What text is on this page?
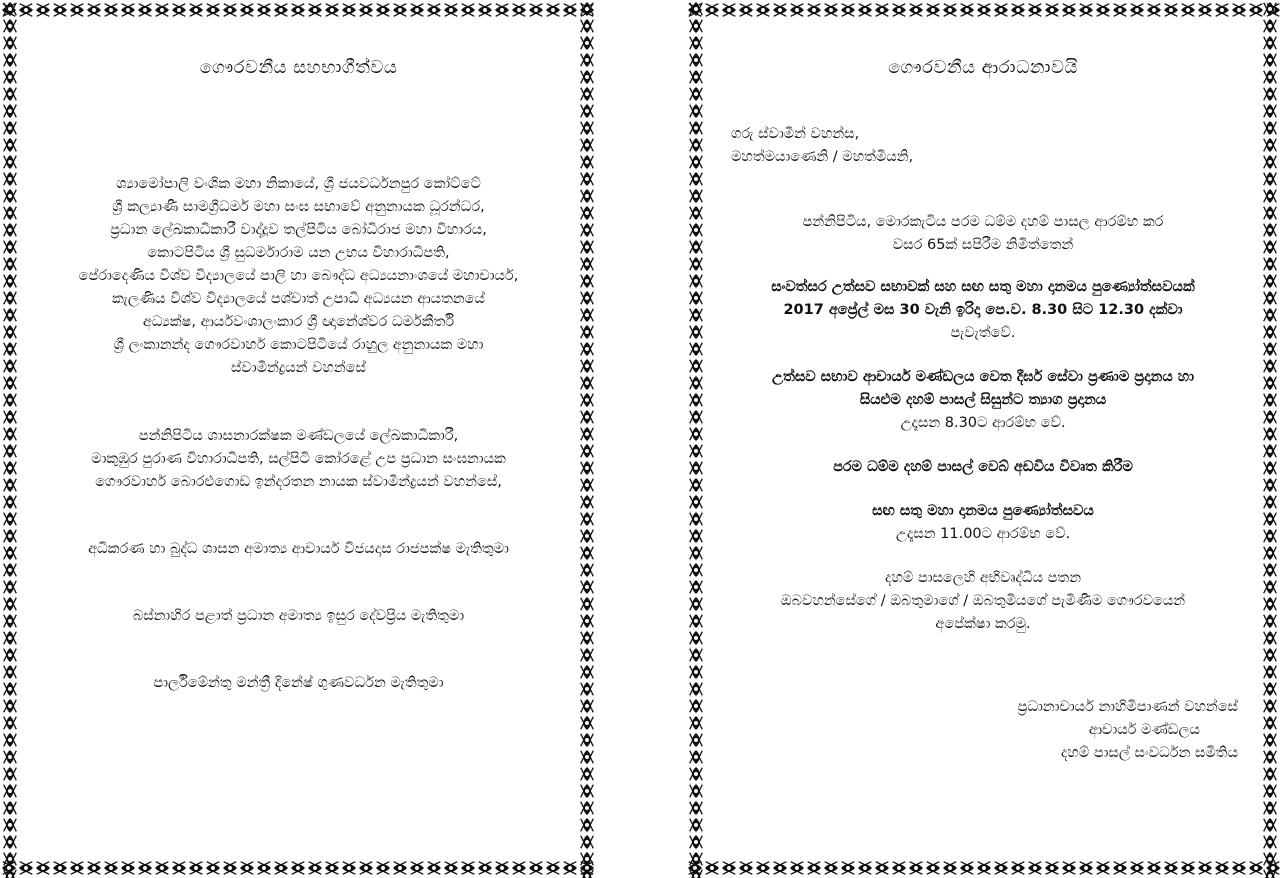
ගෞරවනීය සහභාගීත්වය
ශ්‍යාමෝපාලි වංශික මහා නිකායේ, ශ්‍රී ජයවර්ධනපුර කෝට්ටේ
ශ්‍රී කල්‍යාණී සාමග්‍රීධර්ම මහා සංඝ සභාවේ අනුනායක ධූරන්ධර,
ප්‍රධාන ලේඛකාධිකාරී වාද්දූව තල්පිටිය බෝධිරාජ මහා විහාරය,
කොටපිටිය ශ්‍රී සුධර්මාරාම යන උභය විහාරාධිපති,
පේරාදෙණිය විශ්ව විද්‍යාලයේ පාලි හා බෞද්ධ අධ්‍යයනාංශයේ මහාචාර්ය,
කැලණිය විශ්ව විද්‍යාලයේ පශ්චාත් උපාධි අධ්‍යයන ආයතනයේ
අධ්‍යක්ෂ, ආර්යවංශාලංකාර ශ්‍රී ඥානේශ්වර ධර්මකීර්ති
ශ්‍රී ලංකානන්ද ගෞරවාර්හ කොටපිටියේ රාහුල අනුනායක මහා
ස්වාමීන්ද්‍රයන් වහන්සේ
පන්නිපිටිය ශාසනාරක්ෂක මණ්ඩලයේ ලේඛකාධිකාරී,
මාකුඹුර පුරාණ විහාරාධිපති, සල්පිටි කෝරළේ උප ප්‍රධාන සංඝනායක
ගෞරවාර්හ බොරළුගොඩ ඉන්දරතන නායක ස්වාමීන්ද්‍රයන් වහන්සේ,
අධිකරණ හා බුද්ධ ශාසන අමාත්‍ය ආචාර්ය විජයදාස රාජපක්ෂ මැතිතුමා
බස්නාහිර පළාත් ප්‍රධාන අමාත්‍ය ඉසුර දේවප්‍රිය මැතිතුමා
පාර්ලිමේන්තු මන්ත්‍රී දිනේෂ් ගුණවර්ධන මැතිතුමා
ගෞරවනීය ආරාධනාවයි
ගරු ස්වාමීන් වහන්ස,
මහත්මයාණෙනි / මහත්මියනි,
පන්නිපිටිය, මොරකැටිය පරම ධම්ම දහම් පාසල ආරම්භ කර
වසර 65ක් සපිරීම නිමිත්තෙන්
සංවත්සර උත්සව සභාවක් සහ සඟ සතු මහා දානමය පුණ්‍යෝත්සවයක්
2017 අප්‍රේල් මස 30 වැනි ඉරිදා පෙ.ව. 8.30 සිට 12.30 දක්වා
පැවැත්වේ.
උත්සව සභාව ආචාර්ය මණ්ඩලය වෙත දීර්ඝ සේවා ප්‍රණාම ප්‍රදානය හා
සියළුම දහම් පාසල් සිසුන්ට ත්‍යාග ප්‍රදානය
උදෑසන 8.30ට ආරම්භ වේ.
පරම ධම්ම දහම් පාසල් වෙබ් අඩවිය විවෘත කිරීම
සඟ සතු මහා දානමය පුණ්‍යෝත්සවය
උදෑසන 11.00ට ආරම්භ වේ.
දහම් පාසලෙහි අභිවෘද්ධිය පතන
ඔබවහන්සේගේ / ඔබතුමාගේ / ඔබතුමියගේ පැමිණීම ගෞරවයෙන්
අපේක්ෂා කරමු.
ප්‍රධානාචාර්ය නාහිමිපාණන් වහන්සේ
ආචාර්ය මණ්ඩලය
දහම් පාසල් සංවර්ධන සමිතිය
